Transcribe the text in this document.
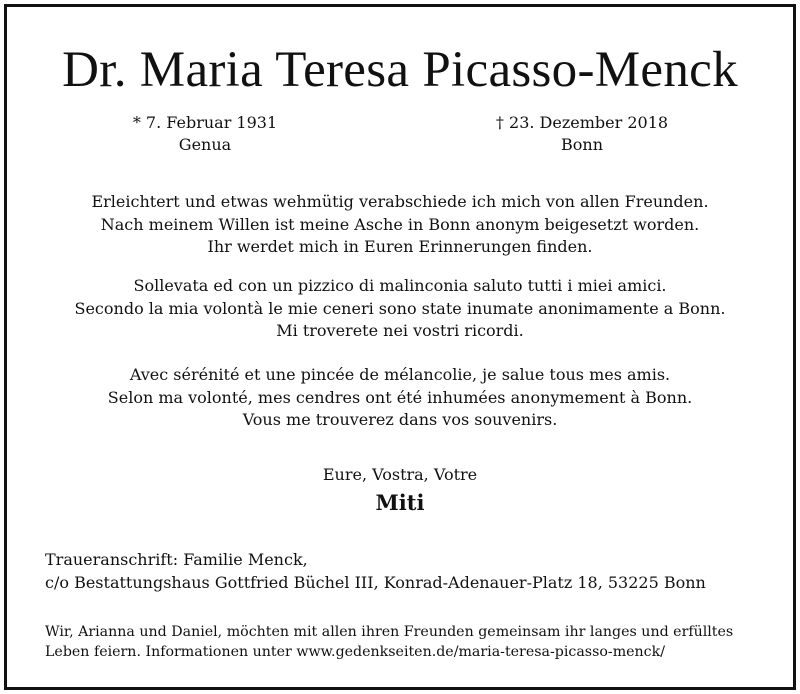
Dr. Maria Teresa Picasso-Menck
* 7. Februar 1931
Genua
† 23. Dezember 2018
Bonn
Erleichtert und etwas wehmütig verabschiede ich mich von allen Freunden.
Nach meinem Willen ist meine Asche in Bonn anonym beigesetzt worden.
Ihr werdet mich in Euren Erinnerungen finden.
Sollevata ed con un pizzico di malinconia saluto tutti i miei amici.
Secondo la mia volontà le mie ceneri sono state inumate anonimamente a Bonn.
Mi troverete nei vostri ricordi.
Avec sérénité et une pincée de mélancolie, je salue tous mes amis.
Selon ma volonté, mes cendres ont été inhumées anonymement à Bonn.
Vous me trouverez dans vos souvenirs.
Eure, Vostra, Votre
Miti
Traueranschrift: Familie Menck,
c/o Bestattungshaus Gottfried Büchel III, Konrad-Adenauer-Platz 18, 53225 Bonn
Wir, Arianna und Daniel, möchten mit allen ihren Freunden gemeinsam ihr langes und erfülltes
Leben feiern. Informationen unter www.gedenkseiten.de/maria-teresa-picasso-menck/
